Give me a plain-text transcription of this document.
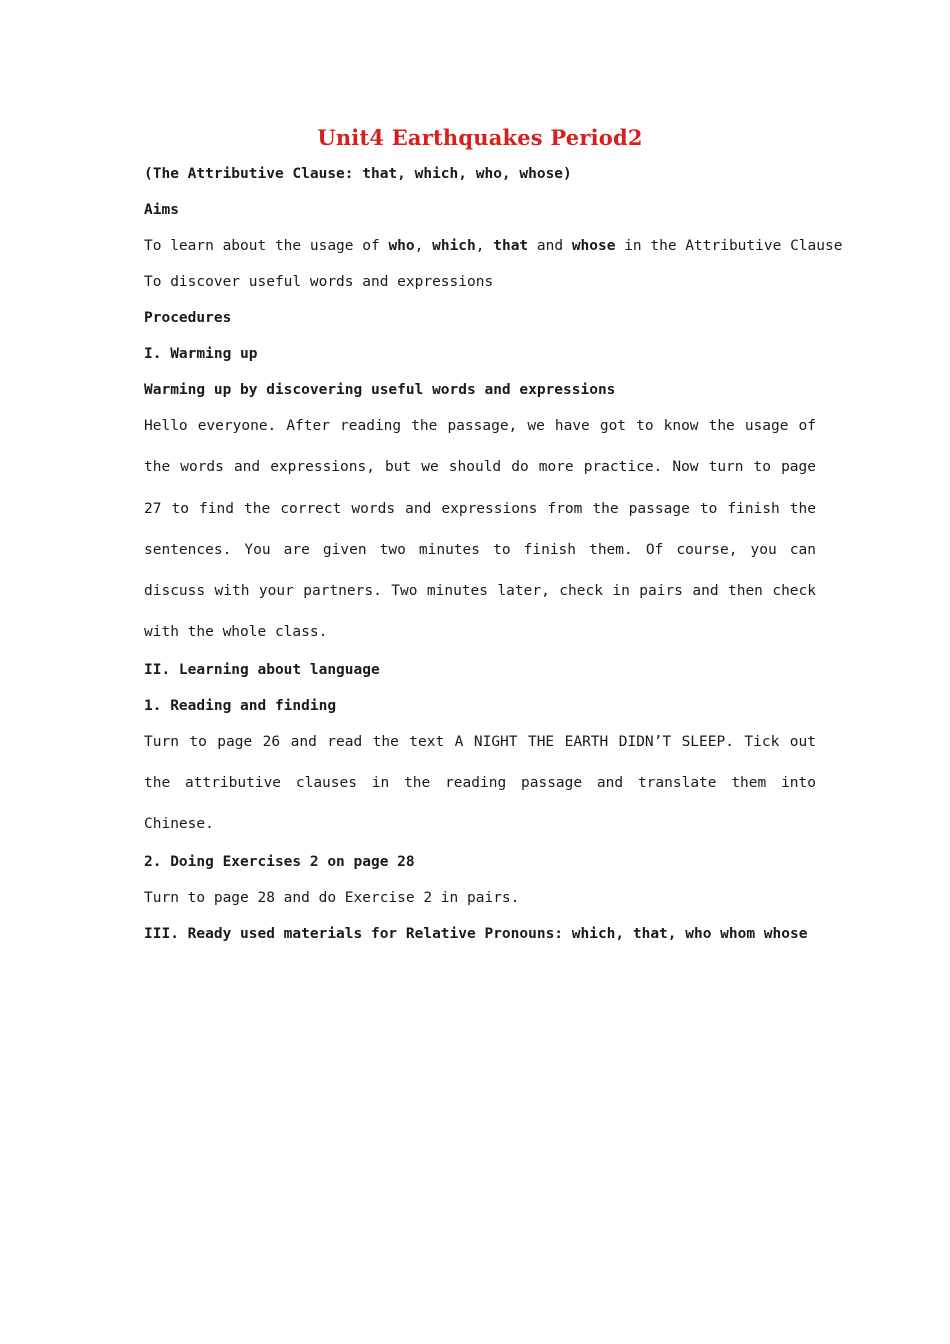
Unit4 Earthquakes Period2

(The Attributive Clause: that, which, who, whose)

Aims

To learn about the usage of who, which, that and whose in the Attributive Clause

To discover useful words and expressions

Procedures

I. Warming up

Warming up by discovering useful words and expressions

Hello everyone. After reading the passage, we have got to know the usage of the words and expressions, but we should do more practice. Now turn to page 27 to find the correct words and expressions from the passage to finish the sentences. You are given two minutes to finish them. Of course, you can discuss with your partners. Two minutes later, check in pairs and then check with the whole class.

II. Learning about language

1. Reading and finding

Turn to page 26 and read the text A NIGHT THE EARTH DIDN’T SLEEP. Tick out the attributive clauses in the reading passage and translate them into Chinese.

2. Doing Exercises 2 on page 28

Turn to page 28 and do Exercise 2 in pairs.

III. Ready used materials for Relative Pronouns: which, that, who whom whose
